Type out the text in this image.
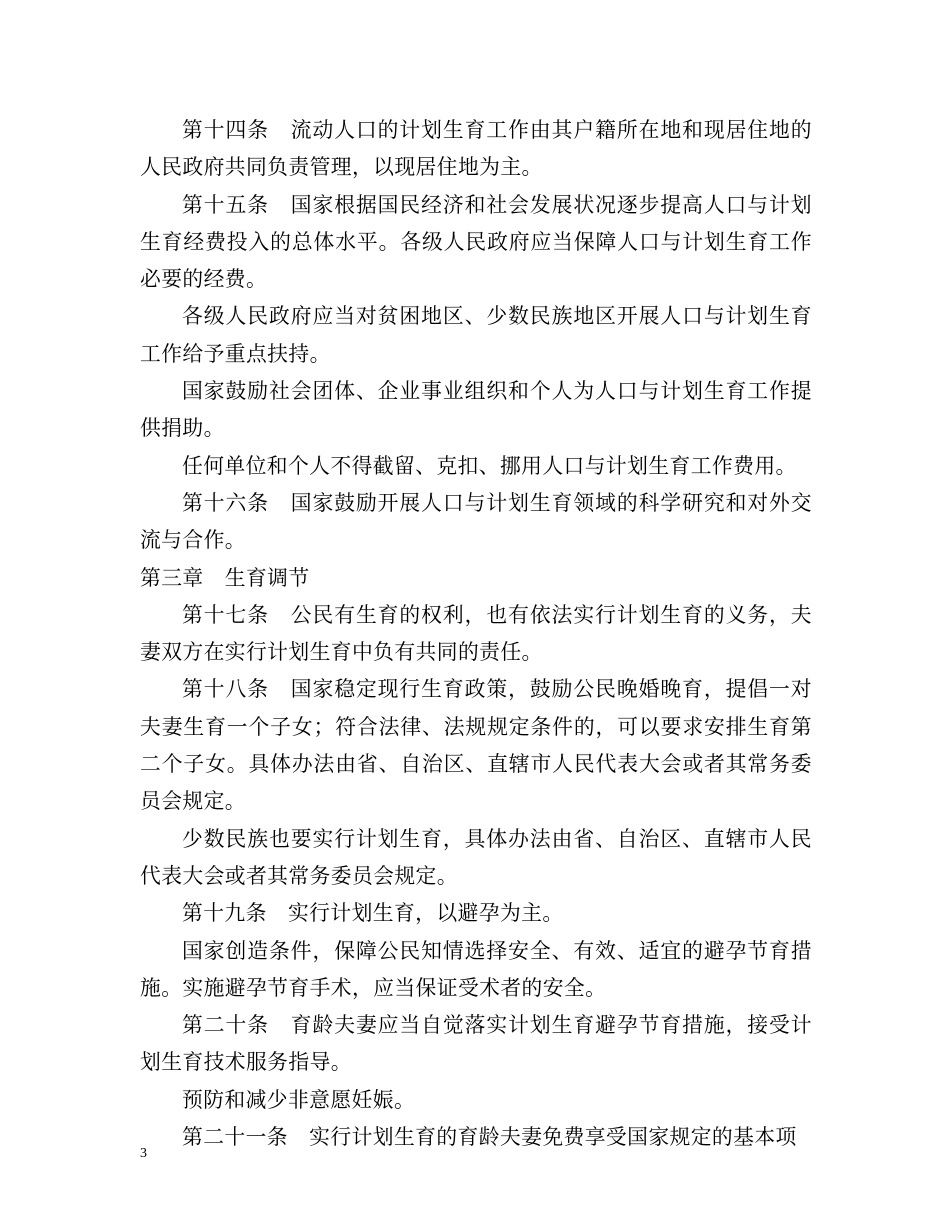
第十四条　流动人口的计划生育工作由其户籍所在地和现居住地的人民政府共同负责管理，以现居住地为主。

第十五条　国家根据国民经济和社会发展状况逐步提高人口与计划生育经费投入的总体水平。各级人民政府应当保障人口与计划生育工作必要的经费。

各级人民政府应当对贫困地区、少数民族地区开展人口与计划生育工作给予重点扶持。

国家鼓励社会团体、企业事业组织和个人为人口与计划生育工作提供捐助。

任何单位和个人不得截留、克扣、挪用人口与计划生育工作费用。

第十六条　国家鼓励开展人口与计划生育领域的科学研究和对外交流与合作。

第三章　生育调节

第十七条　公民有生育的权利，也有依法实行计划生育的义务，夫妻双方在实行计划生育中负有共同的责任。

第十八条　国家稳定现行生育政策，鼓励公民晚婚晚育，提倡一对夫妻生育一个子女；符合法律、法规规定条件的，可以要求安排生育第二个子女。具体办法由省、自治区、直辖市人民代表大会或者其常务委员会规定。

少数民族也要实行计划生育，具体办法由省、自治区、直辖市人民代表大会或者其常务委员会规定。

第十九条　实行计划生育，以避孕为主。

国家创造条件，保障公民知情选择安全、有效、适宜的避孕节育措施。实施避孕节育手术，应当保证受术者的安全。

第二十条　育龄夫妻应当自觉落实计划生育避孕节育措施，接受计划生育技术服务指导。

预防和减少非意愿妊娠。

第二十一条　实行计划生育的育龄夫妻免费享受国家规定的基本项

3
